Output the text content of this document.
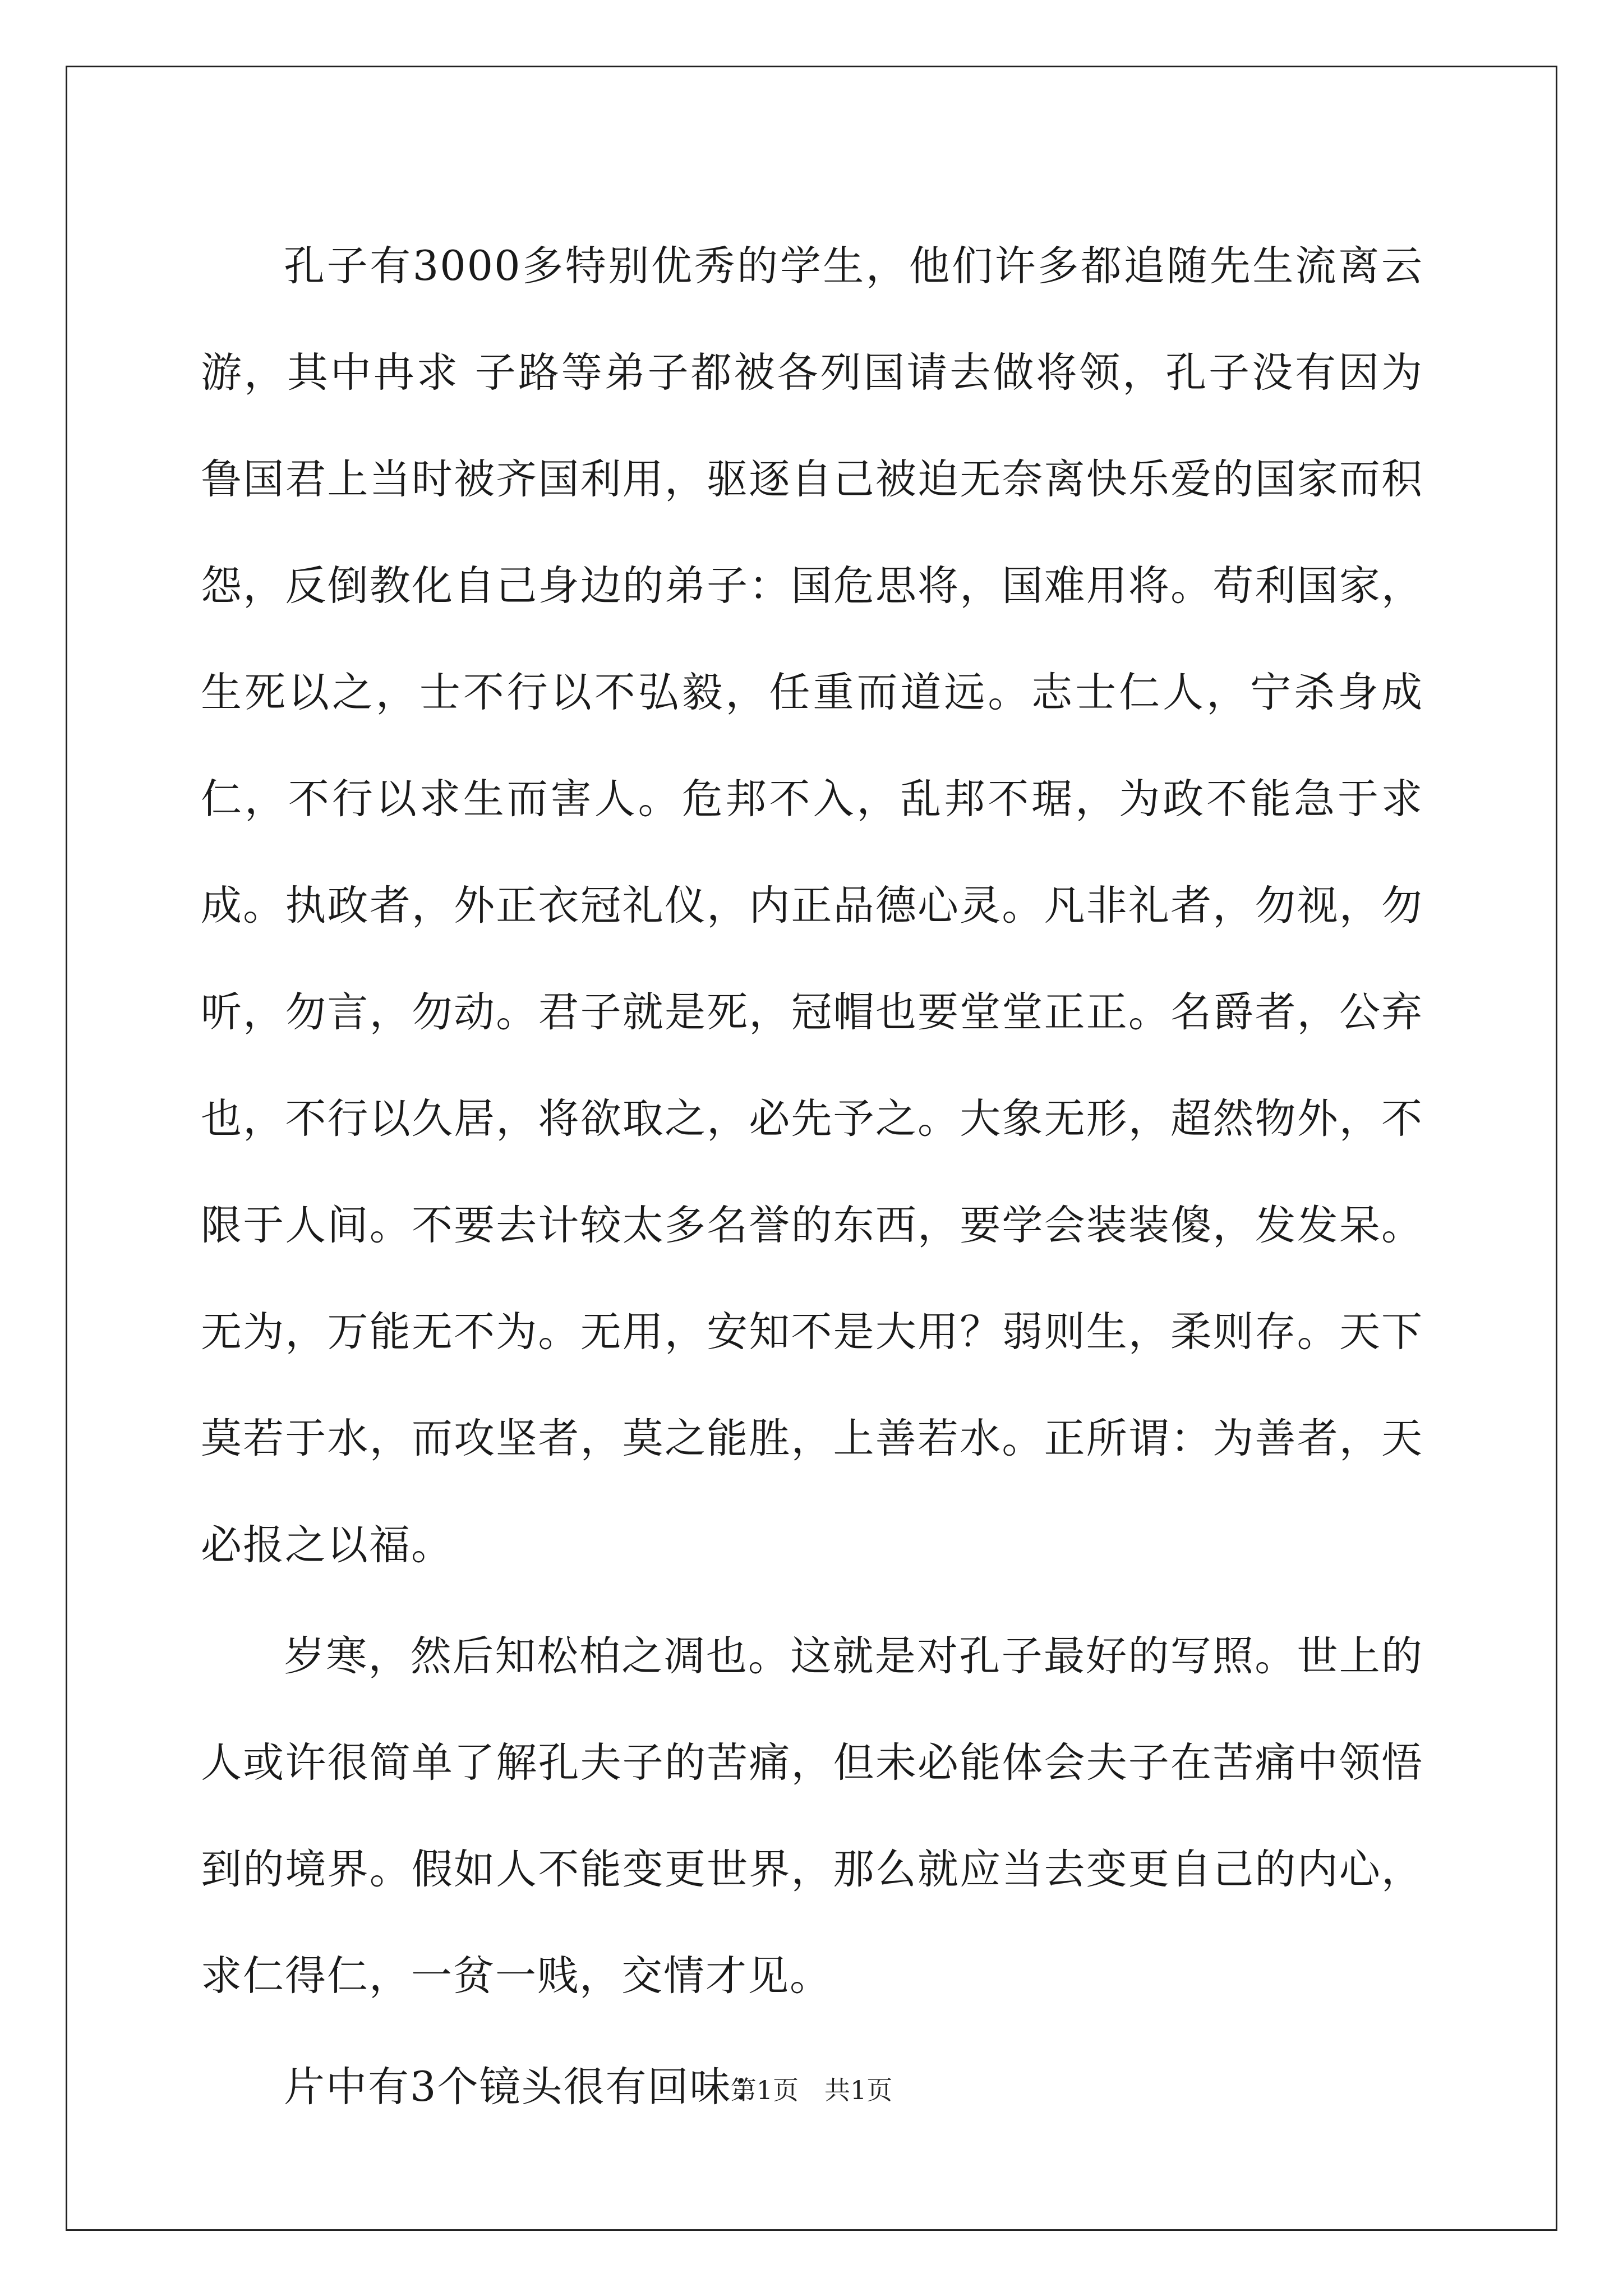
孔子有3000多特别优秀的学生，他们许多都追随先生流离云游，其中冉求 子路等弟子都被各列国请去做将领，孔子没有因为鲁国君上当时被齐国利用，驱逐自己被迫无奈离快乐爱的国家而积怨，反倒教化自己身边的弟子：国危思将，国难用将。苟利国家，生死以之，士不行以不弘毅，任重而道远。志士仁人，宁杀身成仁，不行以求生而害人。危邦不入，乱邦不琚，为政不能急于求成。执政者，外正衣冠礼仪，内正品德心灵。凡非礼者，勿视，勿听，勿言，勿动。君子就是死，冠帽也要堂堂正正。名爵者，公弃也，不行以久居，将欲取之，必先予之。大象无形，超然物外，不限于人间。不要去计较太多名誉的东西，要学会装装傻，发发呆。无为，万能无不为。无用，安知不是大用？弱则生，柔则存。天下莫若于水，而攻坚者，莫之能胜，上善若水。正所谓：为善者，天必报之以福。

岁寒，然后知松柏之凋也。这就是对孔子最好的写照。世上的人或许很简单了解孔夫子的苦痛，但未必能体会夫子在苦痛中领悟到的境界。假如人不能变更世界，那么就应当去变更自己的内心，求仁得仁，一贫一贱，交情才见。

片中有3个镜头很有回味：

第1页　共1页
